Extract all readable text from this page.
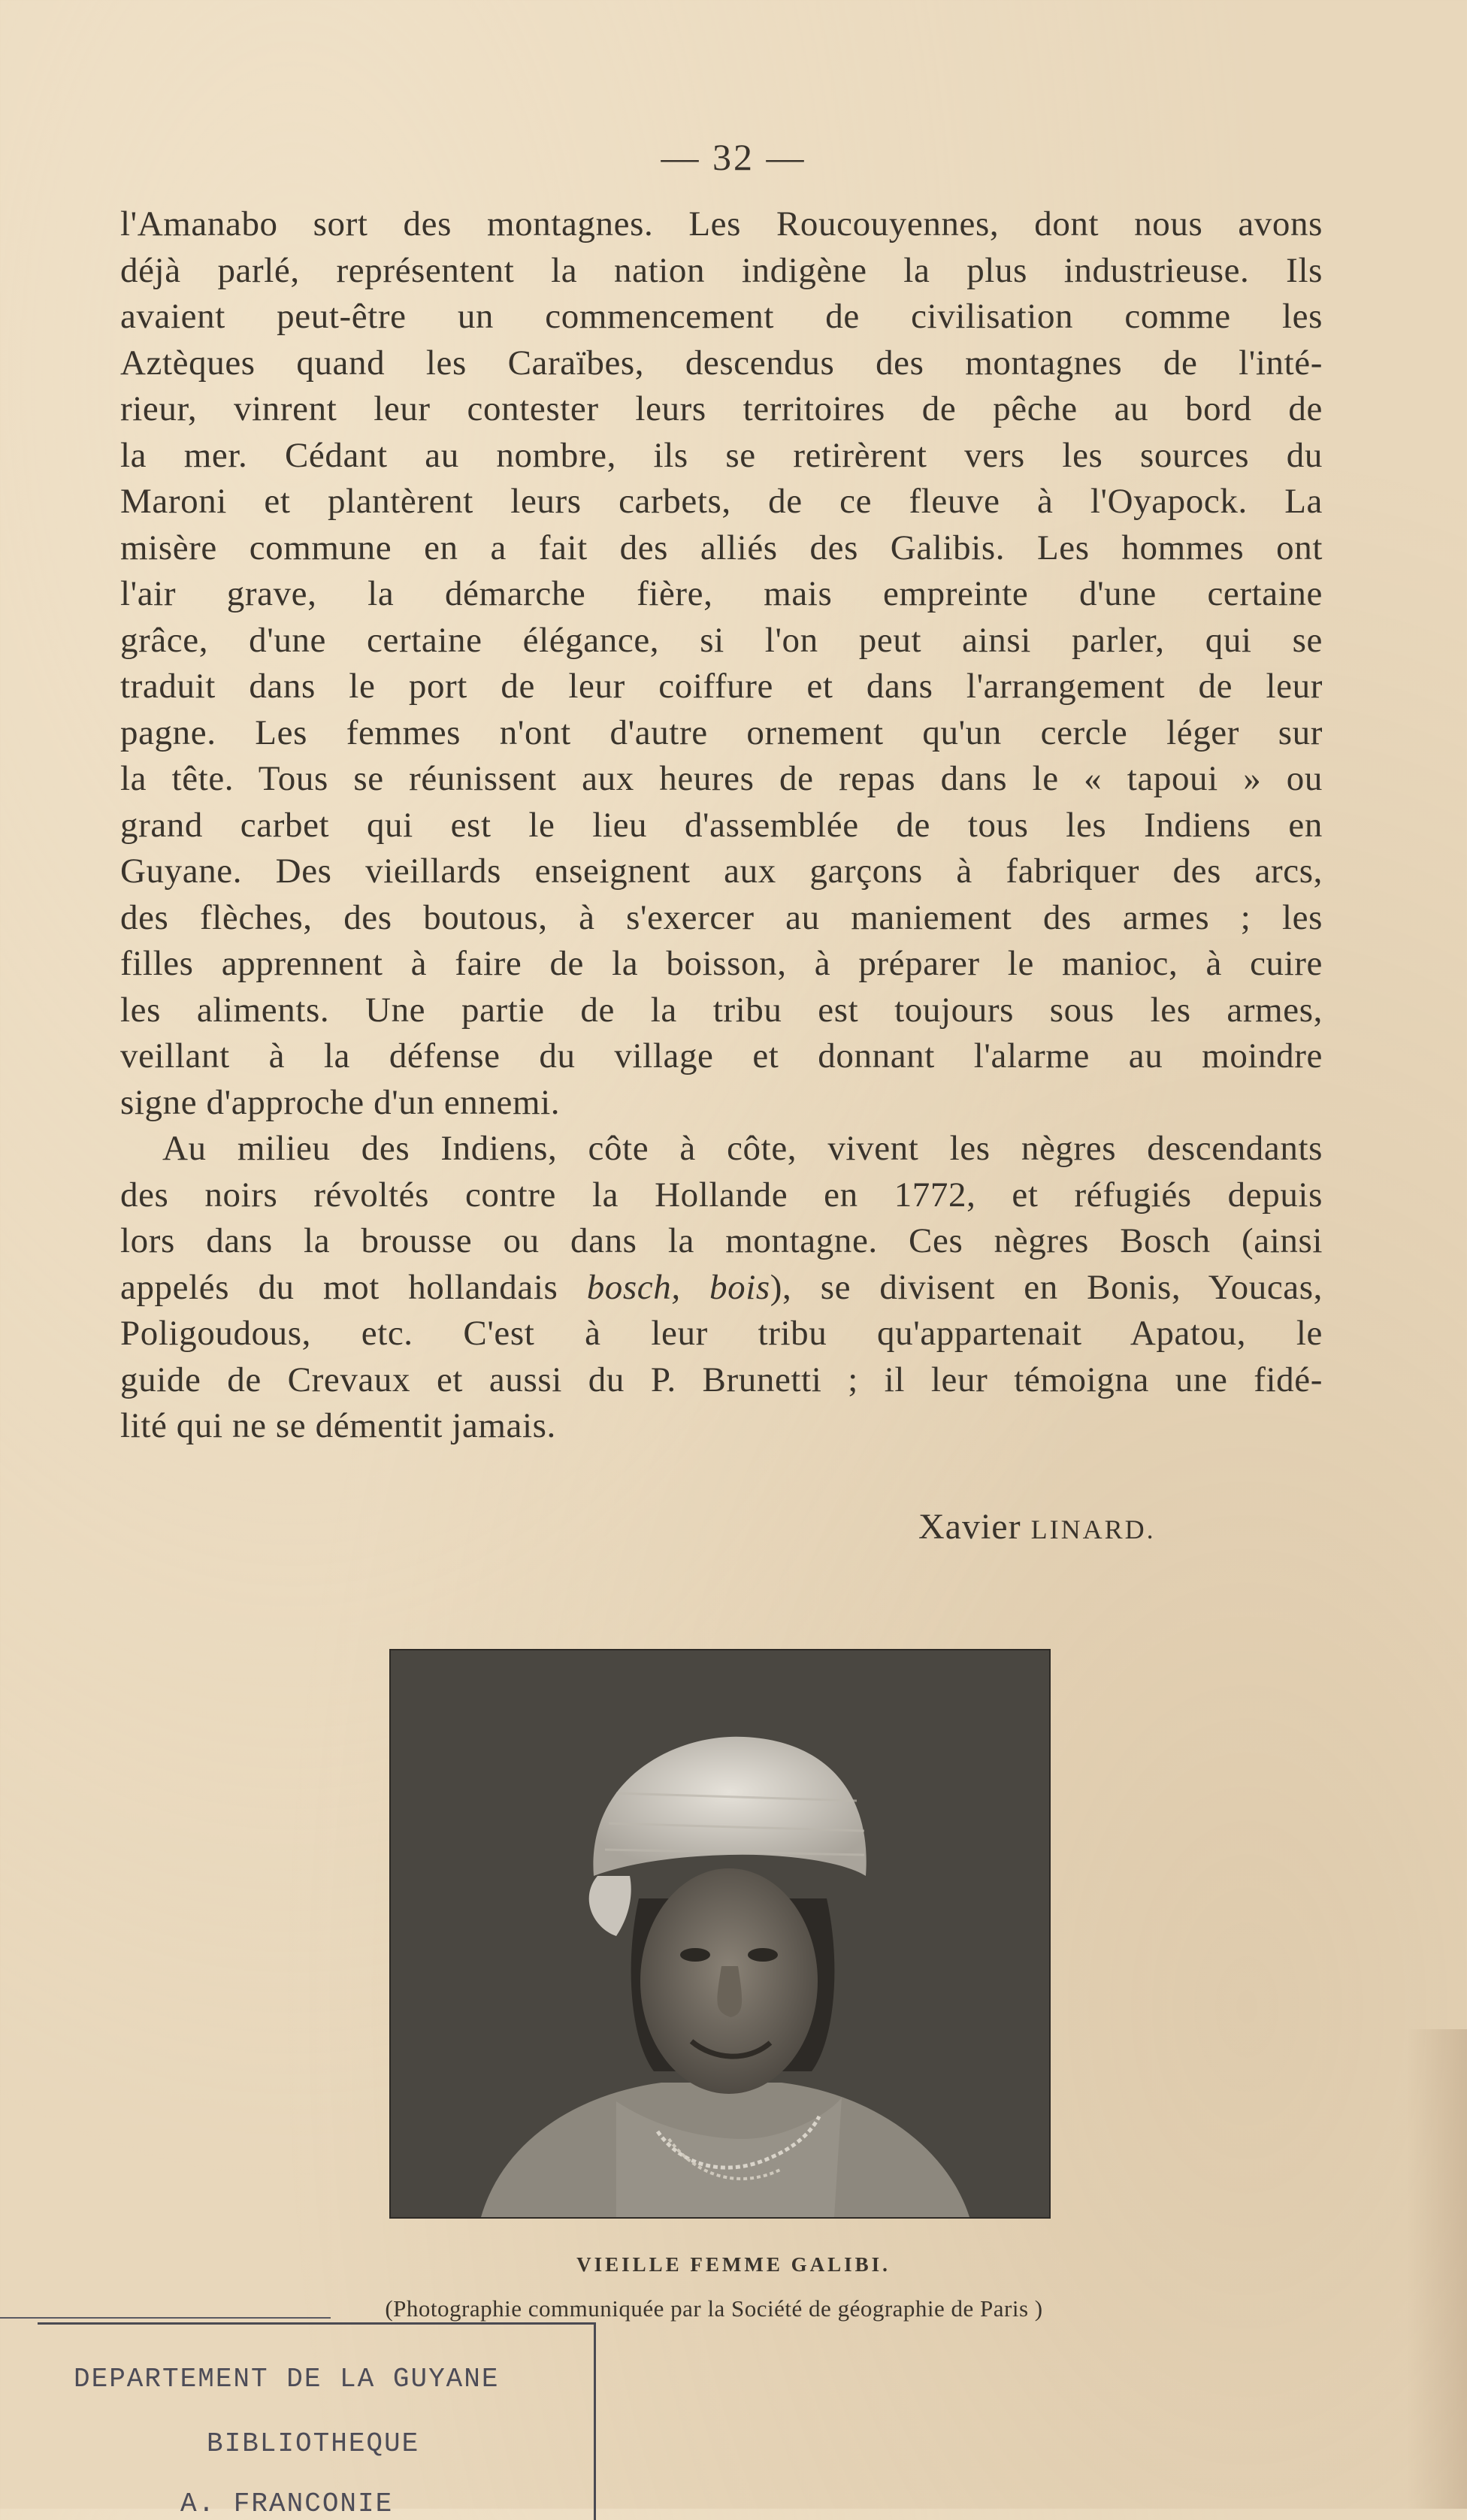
— 32 —
l'Amanabo sort des montagnes. Les Roucouyennes, dont nous avons
déjà parlé, représentent la nation indigène la plus industrieuse. Ils
avaient peut-être un commencement de civilisation comme les
Aztèques quand les Caraïbes, descendus des montagnes de l'inté-
rieur, vinrent leur contester leurs territoires de pêche au bord de
la mer. Cédant au nombre, ils se retirèrent vers les sources du
Maroni et plantèrent leurs carbets, de ce fleuve à l'Oyapock. La
misère commune en a fait des alliés des Galibis. Les hommes ont
l'air grave, la démarche fière, mais empreinte d'une certaine
grâce, d'une certaine élégance, si l'on peut ainsi parler, qui se
traduit dans le port de leur coiffure et dans l'arrangement de leur
pagne. Les femmes n'ont d'autre ornement qu'un cercle léger sur
la tête. Tous se réunissent aux heures de repas dans le « tapoui » ou
grand carbet qui est le lieu d'assemblée de tous les Indiens en
Guyane. Des vieillards enseignent aux garçons à fabriquer des arcs,
des flèches, des boutous, à s'exercer au maniement des armes ; les
filles apprennent à faire de la boisson, à préparer le manioc, à cuire
les aliments. Une partie de la tribu est toujours sous les armes,
veillant à la défense du village et donnant l'alarme au moindre
signe d'approche d'un ennemi.
Au milieu des Indiens, côte à côte, vivent les nègres descendants
des noirs révoltés contre la Hollande en 1772, et réfugiés depuis
lors dans la brousse ou dans la montagne. Ces nègres Bosch (ainsi
appelés du mot hollandais bosch, bois), se divisent en Bonis, Youcas,
Poligoudous, etc. C'est à leur tribu qu'appartenait Apatou, le
guide de Crevaux et aussi du P. Brunetti ; il leur témoigna une fidé-
lité qui ne se démentit jamais.
Xavier LINARD.
VIEILLE FEMME GALIBI.
(Photographie communiquée par la Société de géographie de Paris )
DEPARTEMENT DE LA GUYANE
BIBLIOTHEQUE
A. FRANCONIE
